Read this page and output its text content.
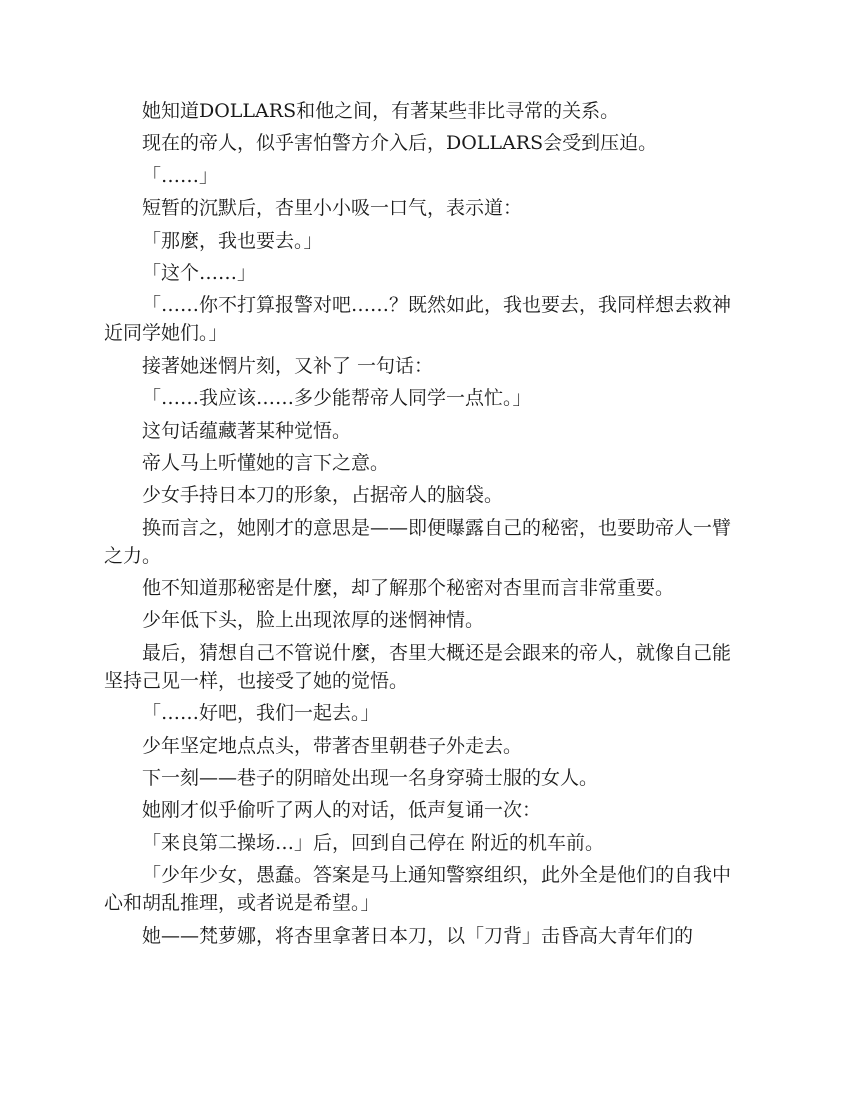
她知道DOLLARS和他之间，有著某些非比寻常的关系。

现在的帝人，似乎害怕警方介入后，DOLLARS会受到压迫。

「……」

短暂的沉默后，杏里小小吸一口气，表示道：

「那麼，我也要去。」

「这个……」

「……你不打算报警对吧……？既然如此，我也要去，我同样想去救神近同学她们。」

接著她迷惘片刻，又补了 一句话：

「……我应该……多少能帮帝人同学一点忙。」

这句话蕴藏著某种觉悟。

帝人马上听懂她的言下之意。

少女手持日本刀的形象，占据帝人的脑袋。

换而言之，她刚才的意思是——即便曝露自己的秘密，也要助帝人一臂之力。

他不知道那秘密是什麼，却了解那个秘密对杏里而言非常重要。

少年低下头，脸上出现浓厚的迷惘神情。

最后，猜想自己不管说什麼，杏里大概还是会跟来的帝人，就像自己能坚持己见一样，也接受了她的觉悟。

「……好吧，我们一起去。」

少年坚定地点点头，带著杏里朝巷子外走去。

下一刻——巷子的阴暗处出现一名身穿骑士服的女人。

她刚才似乎偷听了两人的对话，低声复诵一次：

「来良第二操场…」后，回到自己停在 附近的机车前。

「少年少女，愚蠢。答案是马上通知警察组织，此外全是他们的自我中心和胡乱推理，或者说是希望。」

她——梵萝娜，将杏里拿著日本刀，以「刀背」击昏高大青年们的
